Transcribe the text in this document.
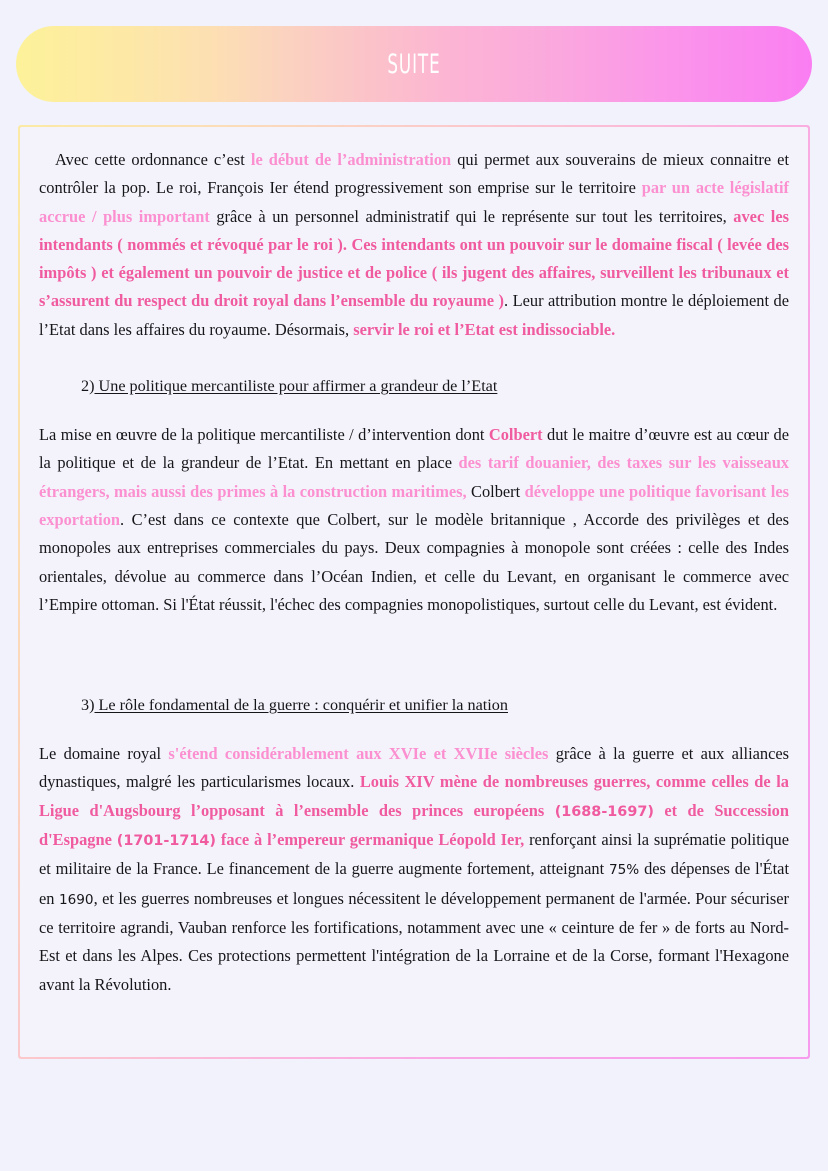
SUITE

Avec cette ordonnance c’est le début de l’administration qui permet aux souverains de mieux connaitre et contrôler la pop. Le roi, François Ier étend progressivement son emprise sur le territoire par un acte législatif accrue / plus important grâce à un personnel administratif qui le représente sur tout les territoires, avec les intendants ( nommés et révoqué par le roi ). Ces intendants ont un pouvoir sur le domaine fiscal ( levée des impôts ) et également un pouvoir de justice et de police ( ils jugent des affaires, surveillent les tribunaux et s’assurent du respect du droit royal dans l’ensemble du royaume ). Leur attribution montre le déploiement de l’Etat dans les affaires du royaume. Désormais, servir le roi et l’Etat est indissociable.

2) Une politique mercantiliste pour affirmer a grandeur de l’Etat

La mise en œuvre de la politique mercantiliste / d’intervention dont Colbert dut le maitre d’œuvre est au cœur de la politique et de la grandeur de l’Etat. En mettant en place des tarif douanier, des taxes sur les vaisseaux étrangers, mais aussi des primes à la construction maritimes, Colbert développe une politique favorisant les exportation. C’est dans ce contexte que Colbert, sur le modèle britannique , Accorde des privilèges et des monopoles aux entreprises commerciales du pays. Deux compagnies à monopole sont créées : celle des Indes orientales, dévolue au commerce dans l’Océan Indien, et celle du Levant, en organisant le commerce avec l’Empire ottoman. Si l'État réussit, l'échec des compagnies monopolistiques, surtout celle du Levant, est évident.

3) Le rôle fondamental de la guerre : conquérir et unifier la nation

Le domaine royal s'étend considérablement aux XVIe et XVIIe siècles grâce à la guerre et aux alliances dynastiques, malgré les particularismes locaux. Louis XIV mène de nombreuses guerres, comme celles de la Ligue d'Augsbourg l’opposant à l’ensemble des princes européens (1688-1697) et de Succession d'Espagne (1701-1714) face à l’empereur germanique Léopold Ier, renforçant ainsi la suprématie politique et militaire de la France. Le financement de la guerre augmente fortement, atteignant 75% des dépenses de l'État en 1690, et les guerres nombreuses et longues nécessitent le développement permanent de l'armée. Pour sécuriser ce territoire agrandi, Vauban renforce les fortifications, notamment avec une « ceinture de fer » de forts au Nord-Est et dans les Alpes. Ces protections permettent l'intégration de la Lorraine et de la Corse, formant l'Hexagone avant la Révolution.
